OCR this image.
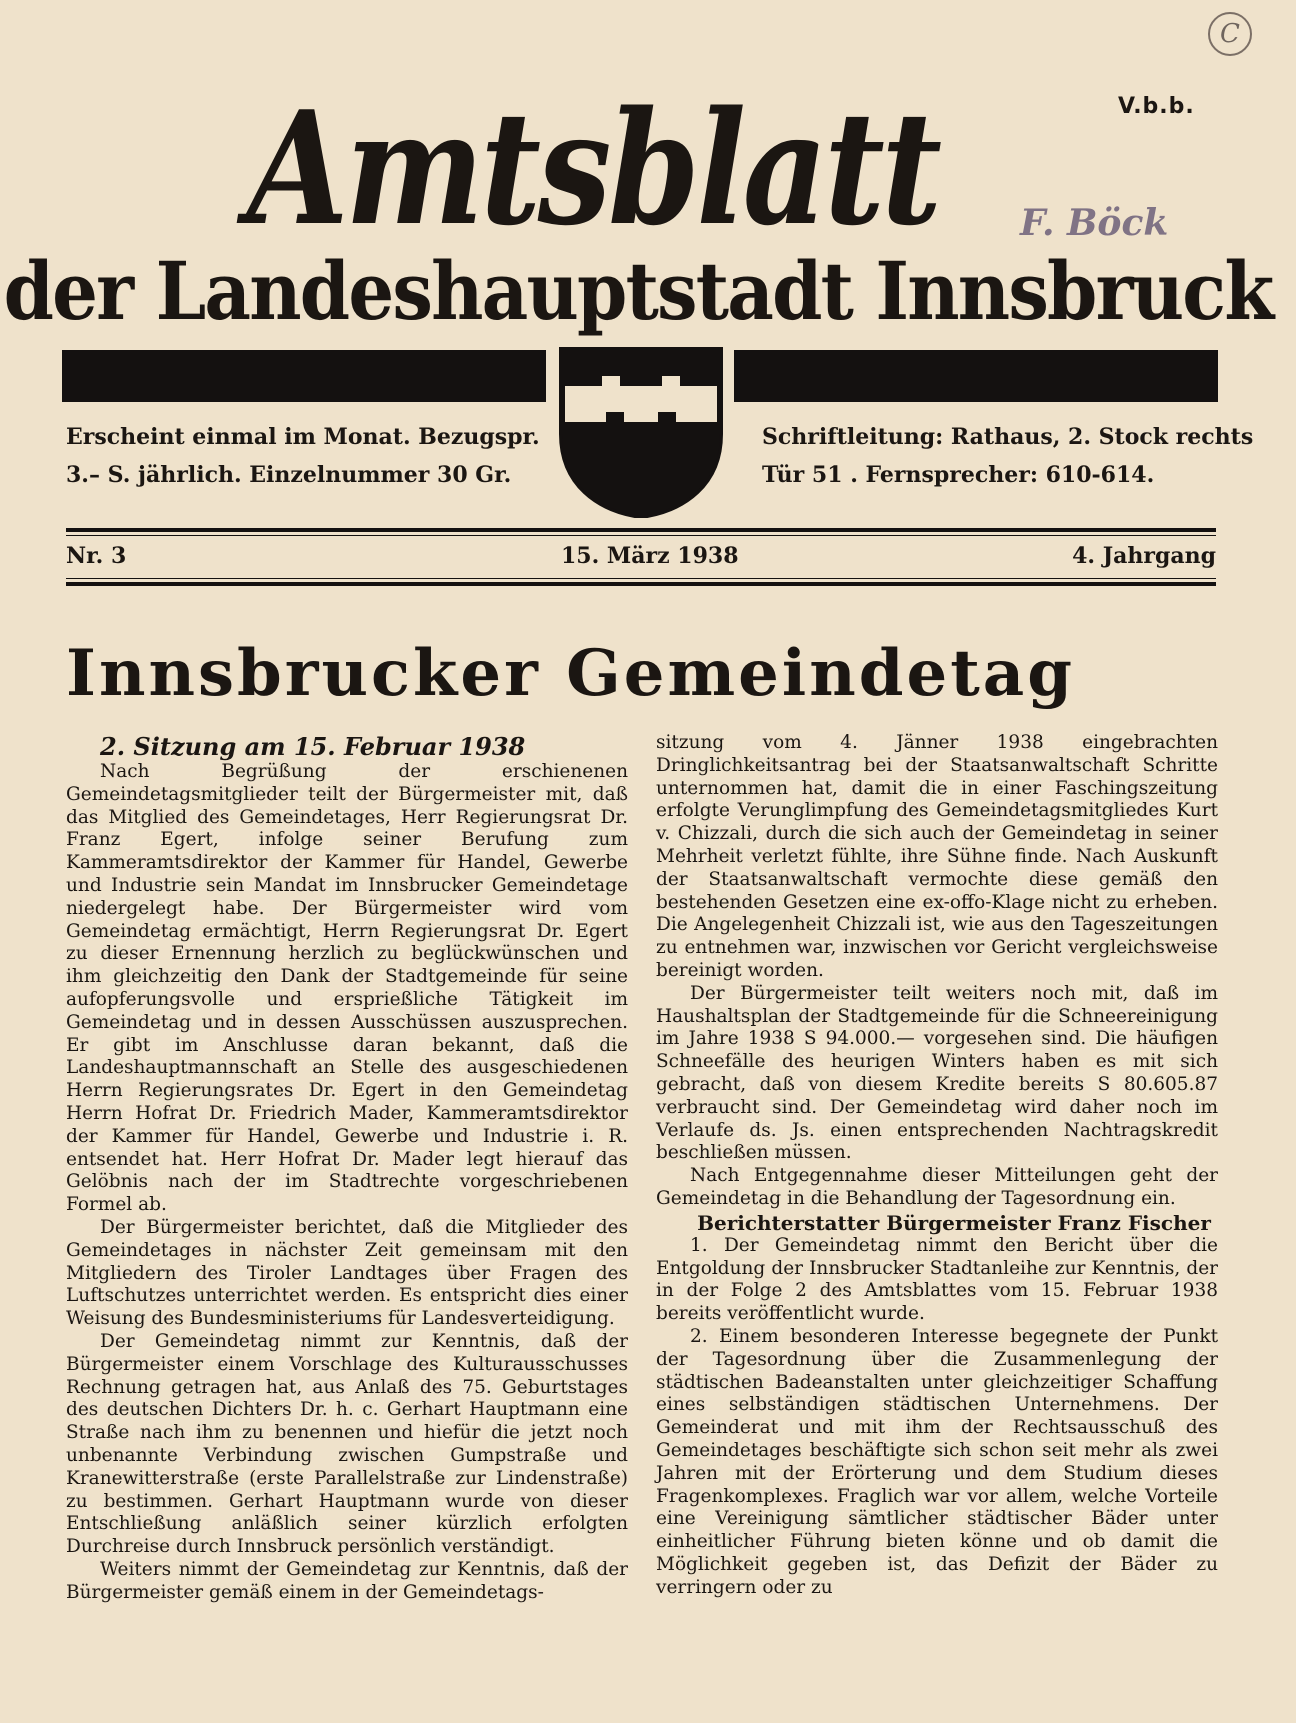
C
V.b.b.
Amtsblatt F. Böck
der Landeshauptstadt Innsbruck
Erscheint einmal im Monat. Bezugspr.
3.– S. jährlich. Einzelnummer 30 Gr.
Schriftleitung: Rathaus, 2. Stock rechts
Tür 51 . Fernsprecher: 610-614.
Nr. 3	15. März 1938	4. Jahrgang
Innsbrucker Gemeindetag

2. Sitzung am 15. Februar 1938

Nach Begrüßung der erschienenen Gemeindetagsmitglieder teilt der Bürgermeister mit, daß das Mitglied des Gemeindetages, Herr Regierungsrat Dr. Franz Egert, infolge seiner Berufung zum Kammeramtsdirektor der Kammer für Handel, Gewerbe und Industrie sein Mandat im Innsbrucker Gemeindetage niedergelegt habe. Der Bürgermeister wird vom Gemeindetag ermächtigt, Herrn Regierungsrat Dr. Egert zu dieser Ernennung herzlich zu beglückwünschen und ihm gleichzeitig den Dank der Stadtgemeinde für seine aufopferungsvolle und ersprießliche Tätigkeit im Gemeindetag und in dessen Ausschüssen auszusprechen. Er gibt im Anschlusse daran bekannt, daß die Landeshauptmannschaft an Stelle des ausgeschiedenen Herrn Regierungsrates Dr. Egert in den Gemeindetag Herrn Hofrat Dr. Friedrich Mader, Kammeramtsdirektor der Kammer für Handel, Gewerbe und Industrie i. R. entsendet hat. Herr Hofrat Dr. Mader legt hierauf das Gelöbnis nach der im Stadtrechte vorgeschriebenen Formel ab.

Der Bürgermeister berichtet, daß die Mitglieder des Gemeindetages in nächster Zeit gemeinsam mit den Mitgliedern des Tiroler Landtages über Fragen des Luftschutzes unterrichtet werden. Es entspricht dies einer Weisung des Bundesministeriums für Landesverteidigung.

Der Gemeindetag nimmt zur Kenntnis, daß der Bürgermeister einem Vorschlage des Kulturausschusses Rechnung getragen hat, aus Anlaß des 75. Geburtstages des deutschen Dichters Dr. h. c. Gerhart Hauptmann eine Straße nach ihm zu benennen und hiefür die jetzt noch unbenannte Verbindung zwischen Gumpstraße und Kranewitterstraße (erste Parallelstraße zur Lindenstraße) zu bestimmen. Gerhart Hauptmann wurde von dieser Entschließung anläßlich seiner kürzlich erfolgten Durchreise durch Innsbruck persönlich verständigt.

Weiters nimmt der Gemeindetag zur Kenntnis, daß der Bürgermeister gemäß einem in der Gemeindetags-

sitzung vom 4. Jänner 1938 eingebrachten Dringlichkeitsantrag bei der Staatsanwaltschaft Schritte unternommen hat, damit die in einer Faschingszeitung erfolgte Verunglimpfung des Gemeindetagsmitgliedes Kurt v. Chizzali, durch die sich auch der Gemeindetag in seiner Mehrheit verletzt fühlte, ihre Sühne finde. Nach Auskunft der Staatsanwaltschaft vermochte diese gemäß den bestehenden Gesetzen eine ex-offo-Klage nicht zu erheben. Die Angelegenheit Chizzali ist, wie aus den Tageszeitungen zu entnehmen war, inzwischen vor Gericht vergleichsweise bereinigt worden.

Der Bürgermeister teilt weiters noch mit, daß im Haushaltsplan der Stadtgemeinde für die Schneereinigung im Jahre 1938 S 94.000.— vorgesehen sind. Die häufigen Schneefälle des heurigen Winters haben es mit sich gebracht, daß von diesem Kredite bereits S 80.605.87 verbraucht sind. Der Gemeindetag wird daher noch im Verlaufe ds. Js. einen entsprechenden Nachtragskredit beschließen müssen.

Nach Entgegennahme dieser Mitteilungen geht der Gemeindetag in die Behandlung der Tagesordnung ein.

Berichterstatter Bürgermeister Franz Fischer

1. Der Gemeindetag nimmt den Bericht über die Entgoldung der Innsbrucker Stadtanleihe zur Kenntnis, der in der Folge 2 des Amtsblattes vom 15. Februar 1938 bereits veröffentlicht wurde.

2. Einem besonderen Interesse begegnete der Punkt der Tagesordnung über die Zusammenlegung der städtischen Badeanstalten unter gleichzeitiger Schaffung eines selbständigen städtischen Unternehmens. Der Gemeinderat und mit ihm der Rechtsausschuß des Gemeindetages beschäftigte sich schon seit mehr als zwei Jahren mit der Erörterung und dem Studium dieses Fragenkomplexes. Fraglich war vor allem, welche Vorteile eine Vereinigung sämtlicher städtischer Bäder unter einheitlicher Führung bieten könne und ob damit die Möglichkeit gegeben ist, das Defizit der Bäder zu verringern oder zu
